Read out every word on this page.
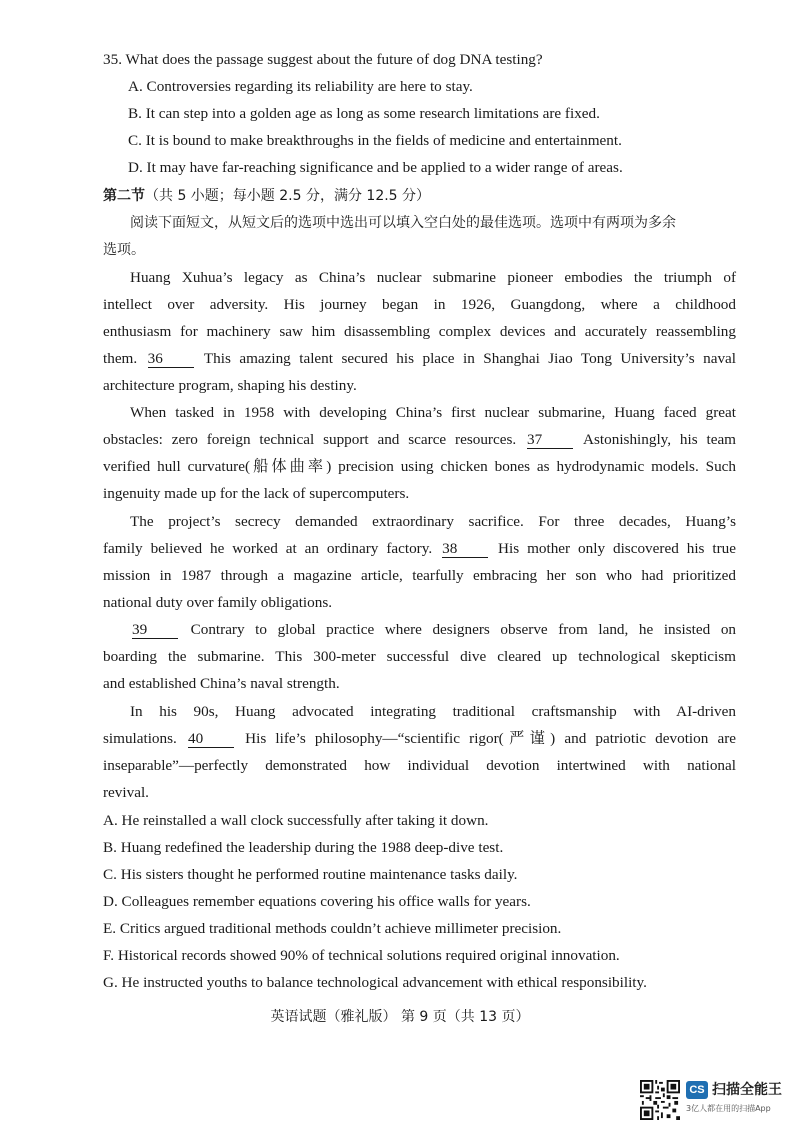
35. What does the passage suggest about the future of dog DNA testing?
A. Controversies regarding its reliability are here to stay.
B. It can step into a golden age as long as some research limitations are fixed.
C. It is bound to make breakthroughs in the fields of medicine and entertainment.
D. It may have far-reaching significance and be applied to a wider range of areas.
第二节（共 5 小题；每小题 2.5 分，满分 12.5 分）
阅读下面短文，从短文后的选项中选出可以填入空白处的最佳选项。选项中有两项为多余
选项。
Huang Xuhua’s legacy as China’s nuclear submarine pioneer embodies the triumph of
intellect over adversity. His journey began in 1926, Guangdong, where a childhood
enthusiasm for machinery saw him disassembling complex devices and accurately reassembling
them. 36	This amazing talent secured his place in Shanghai Jiao Tong University’s naval
architecture program, shaping his destiny.
When tasked in 1958 with developing China’s first nuclear submarine, Huang faced great
obstacles: zero foreign technical support and scarce resources. 37	Astonishingly, his team
verified hull curvature(船体曲率) precision using chicken bones as hydrodynamic models. Such
ingenuity made up for the lack of supercomputers.
The project’s secrecy demanded extraordinary sacrifice. For three decades, Huang’s
family believed he worked at an ordinary factory. 38	His mother only discovered his true
mission in 1987 through a magazine article, tearfully embracing her son who had prioritized
national duty over family obligations.
39	Contrary to global practice where designers observe from land, he insisted on
boarding the submarine. This 300-meter successful dive cleared up technological skepticism
and established China’s naval strength.
In his 90s, Huang advocated integrating traditional craftsmanship with AI-driven
simulations. 40	His life’s philosophy—“scientific rigor(严谨) and patriotic devotion are
inseparable”—perfectly demonstrated how individual devotion intertwined with national
revival.
A. He reinstalled a wall clock successfully after taking it down.
B. Huang redefined the leadership during the 1988 deep-dive test.
C. His sisters thought he performed routine maintenance tasks daily.
D. Colleagues remember equations covering his office walls for years.
E. Critics argued traditional methods couldn’t achieve millimeter precision.
F. Historical records showed 90% of technical solutions required original innovation.
G. He instructed youths to balance technological advancement with ethical responsibility.
英语试题（雅礼版） 第 9 页（共 13 页）
CS 扫描全能王
3亿人都在用的扫描App
